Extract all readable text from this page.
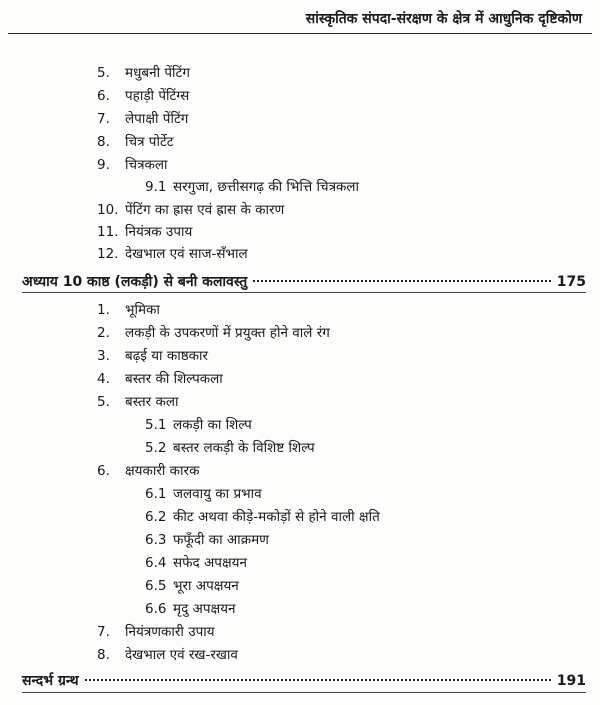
सांस्कृतिक संपदा-संरक्षण के क्षेत्र में आधुनिक दृष्टिकोण
5. मधुबनी पेंटिंग
6. पहाड़ी पेंटिंग्स
7. लेपाक्षी पेंटिंग
8. चित्र पोर्टेट
9. चित्रकला
9.1 सरगुजा, छत्तीसगढ़ की भित्ति चित्रकला
10. पेंटिंग का ह्रास एवं ह्रास के कारण
11. नियंत्रक उपाय
12. देखभाल एवं साज-सँभाल
अध्याय 10 काष्ठ (लकड़ी) से बनी कलावस्तु	175
1. भूमिका
2. लकड़ी के उपकरणों में प्रयुक्त होने वाले रंग
3. बढ़ई या काष्ठकार
4. बस्तर की शिल्पकला
5. बस्तर कला
5.1 लकड़ी का शिल्प
5.2 बस्तर लकड़ी के विशिष्ट शिल्प
6. क्षयकारी कारक
6.1 जलवायु का प्रभाव
6.2 कीट अथवा कीड़े-मकोड़ों से होने वाली क्षति
6.3 फफूँदी का आक्रमण
6.4 सफेद अपक्षयन
6.5 भूरा अपक्षयन
6.6 मृदु अपक्षयन
7. नियंत्रणकारी उपाय
8. देखभाल एवं रख-रखाव
सन्दर्भ ग्रन्थ	191
